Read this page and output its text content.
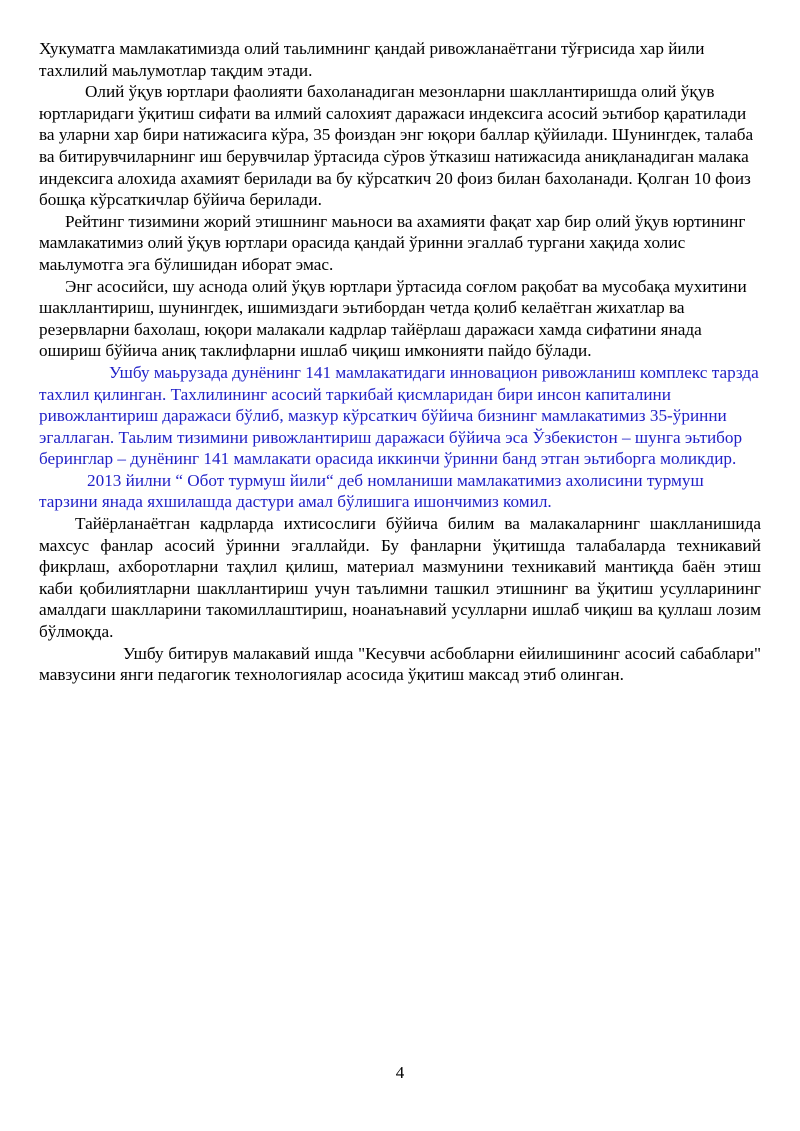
Хукуматга мамлакатимизда олий таьлимнинг қандай ривожланаётгани тўғрисида хар йили тахлилий маьлумотлар тақдим этади.

Олий ўқув юртлари фаолияти бахоланадиган мезонларни шакллантиришда олий ўқув юртларидаги ўқитиш сифати ва илмий салохият даражаси индексига асосий эьтибор қаратилади ва уларни хар бири натижасига кўра, 35 фоиздан энг юқори баллар қўйилади. Шунингдек, талаба ва битирувчиларнинг иш берувчилар ўртасида сўров ўтказиш натижасида аниқланадиган малака индексига алохида ахамият берилади ва бу кўрсаткич 20 фоиз билан бахоланади. Қолган 10 фоиз бошқа кўрсаткичлар бўйича берилади.

Рейтинг тизимини жорий этишнинг маьноси ва ахамияти фақат хар бир олий ўқув юртининг мамлакатимиз олий ўқув юртлари орасида қандай ўринни эгаллаб тургани хақида холис маьлумотга эга бўлишидан иборат эмас.

Энг асосийси, шу аснода олий ўқув юртлари ўртасида соғлом рақобат ва мусобақа мухитини шакллантириш, шунингдек, ишимиздаги эьтибордан четда қолиб келаётган жихатлар ва резервларни бахолаш, юқори малакали кадрлар тайёрлаш даражаси хамда сифатини янада ошириш бўйича аниқ таклифларни ишлаб чиқиш имконияти пайдо бўлади.

Ушбу маьрузада дунёнинг 141 мамлакатидаги инновацион ривожланиш комплекс тарзда тахлил қилинган. Тахлилининг асосий таркибай қисмларидан бири инсон капиталини ривожлантириш даражаси бўлиб, мазкур кўрсаткич бўйича бизнинг мамлакатимиз 35-ўринни эгаллаган. Таьлим тизимини ривожлантириш даражаси бўйича эса Ўзбекистон – шунга эьтибор беринглар – дунёнинг 141 мамлакати орасида иккинчи ўринни банд этган эьтиборга моликдир.

2013 йилни “ Обот турмуш йили“ деб номланиши мамлакатимиз ахолисини турмуш тарзини янада яхшилашда дастури амал бўлишига ишончимиз комил.

Тайёрланаётган кадрларда ихтисослиги бўйича билим ва малакаларнинг шаклланишида махсус фанлар асосий ўринни эгаллайди. Бу фанларни ўқитишда талабаларда техникавий фикрлаш, ахборотларни таҳлил қилиш, материал мазмунини техникавий мантиқда баён этиш каби қобилиятларни шакллантириш учун таълимни ташкил этишнинг ва ўқитиш усулларининг амалдаги шаклларини такомиллаштириш, ноанаънавий усулларни ишлаб чиқиш ва қуллаш лозим бўлмоқда.

Ушбу битирув малакавий ишда "Кесувчи асбобларни ейилишининг асосий сабаблари" мавзусини янги педагогик технологиялар асосида ўқитиш максад этиб олинган.

4
